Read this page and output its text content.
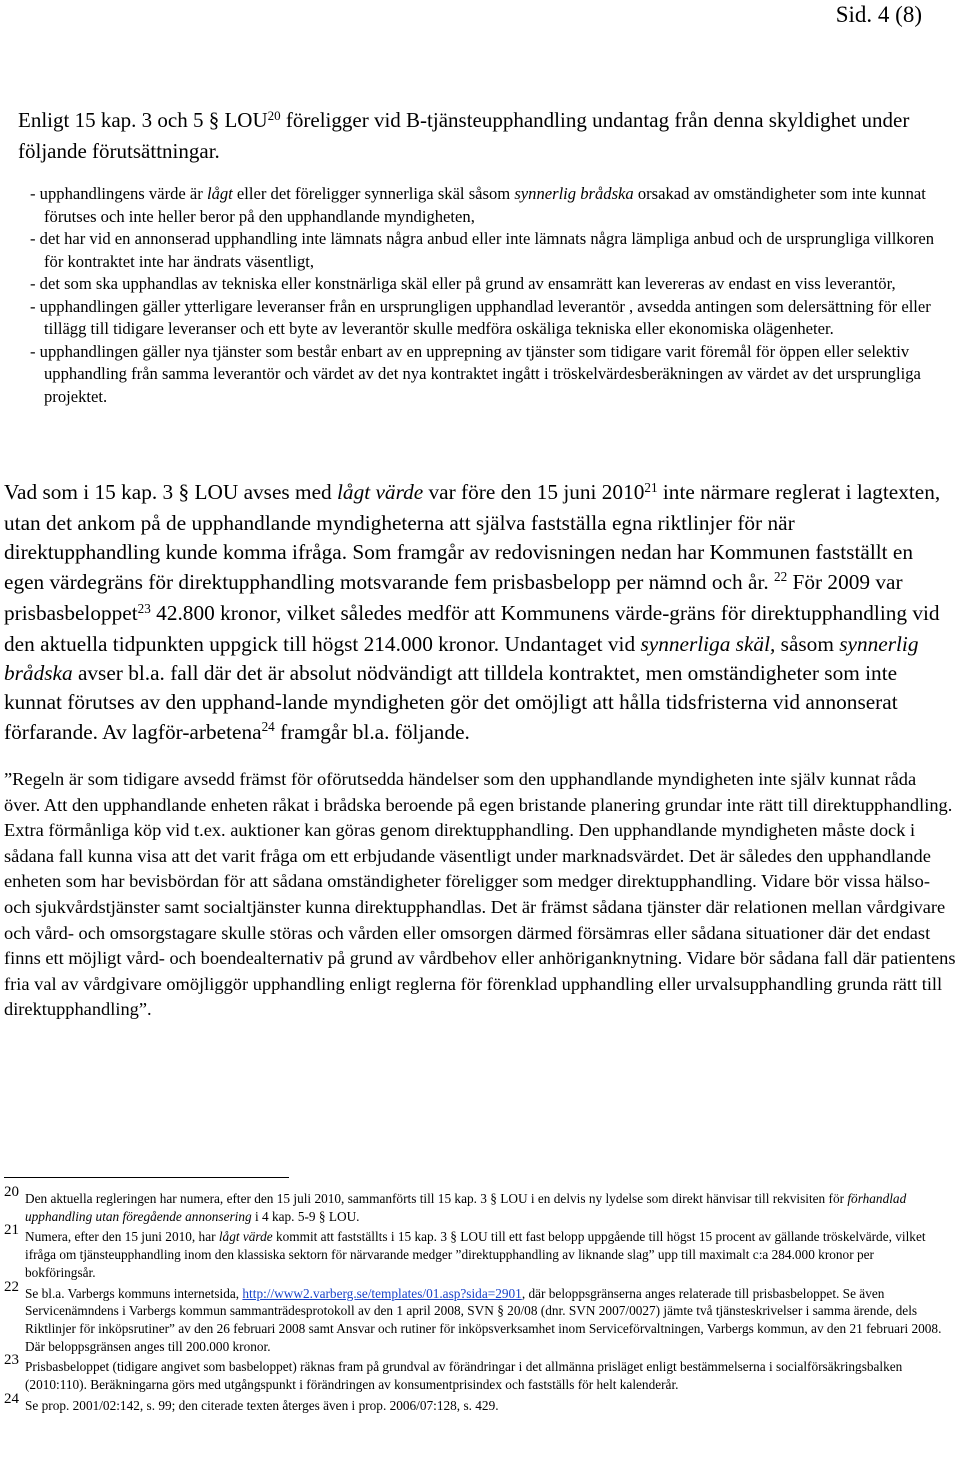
Sid. 4 (8)

Enligt 15 kap. 3 och 5 § LOU$^{20}$ föreligger vid B-tjänsteupphandling undantag från denna skyldighet under följande förutsättningar.

- upphandlingens värde är lågt eller det föreligger synnerliga skäl såsom synnerlig brådska orsakad av omständigheter som inte kunnat förutses och inte heller beror på den upphandlande myndigheten,
- det har vid en annonserad upphandling inte lämnats några anbud eller inte lämnats några lämpliga anbud och de ursprungliga villkoren för kontraktet inte har ändrats väsentligt,
- det som ska upphandlas av tekniska eller konstnärliga skäl eller på grund av ensamrätt kan levereras av endast en viss leverantör,
- upphandlingen gäller ytterligare leveranser från en ursprungligen upphandlad leverantör , avsedda antingen som delersättning för eller tillägg till tidigare leveranser och ett byte av leverantör skulle medföra oskäliga tekniska eller ekonomiska olägenheter.
- upphandlingen gäller nya tjänster som består enbart av en upprepning av tjänster som tidigare varit föremål för öppen eller selektiv upphandling från samma leverantör och värdet av det nya kontraktet ingått i tröskelvärdesberäkningen av värdet av det ursprungliga projektet.

Vad som i 15 kap. 3 § LOU avses med lågt värde var före den 15 juni 2010$^{21}$ inte närmare reglerat i lagtexten, utan det ankom på de upphandlande myndigheterna att själva fastställa egna riktlinjer för när direktupphandling kunde komma ifråga. Som framgår av redovisningen nedan har Kommunen fastställt en egen värdegräns för direktupphandling motsvarande fem prisbasbelopp per nämnd och år. $^{22}$ För 2009 var prisbasbeloppet$^{23}$ 42.800 kronor, vilket således medför att Kommunens värde-gräns för direktupphandling vid den aktuella tidpunkten uppgick till högst 214.000 kronor. Undantaget vid synnerliga skäl, såsom synnerlig brådska avser bl.a. fall där det är absolut nödvändigt att tilldela kontraktet, men omständigheter som inte kunnat förutses av den upphand-lande myndigheten gör det omöjligt att hålla tidsfristerna vid annonserat förfarande. Av lagför-arbetena$^{24}$ framgår bl.a. följande.

”Regeln är som tidigare avsedd främst för oförutsedda händelser som den upphandlande myndigheten inte själv kunnat råda över. Att den upphandlande enheten råkat i brådska beroende på egen bristande planering grundar inte rätt till direktupphandling. Extra förmånliga köp vid t.ex. auktioner kan göras genom direktupphandling. Den upphandlande myndigheten måste dock i sådana fall kunna visa att det varit fråga om ett erbjudande väsentligt under marknadsvärdet. Det är således den upphandlande enheten som har bevisbördan för att sådana omständigheter föreligger som medger direktupphandling. Vidare bör vissa hälso- och sjukvårdstjänster samt socialtjänster kunna direktupphandlas. Det är främst sådana tjänster där relationen mellan vårdgivare och vård- och omsorgstagare skulle störas och vården eller omsorgen därmed försämras eller sådana situationer där det endast finns ett möjligt vård- och boendealternativ på grund av vårdbehov eller anhöriganknytning. Vidare bör sådana fall där patientens fria val av vårdgivare omöjliggör upphandling enligt reglerna för förenklad upphandling eller urvalsupphandling grunda rätt till direktupphandling”.

20 Den aktuella regleringen har numera, efter den 15 juli 2010, sammanförts till 15 kap. 3 § LOU i en delvis ny lydelse som direkt hänvisar till rekvisiten för förhandlad upphandling utan föregående annonsering i 4 kap. 5-9 § LOU.

21 Numera, efter den 15 juni 2010, har lågt värde kommit att fastställts i 15 kap. 3 § LOU till ett fast belopp uppgående till högst 15 procent av gällande tröskelvärde, vilket ifråga om tjänsteupphandling inom den klassiska sektorn för närvarande medger ”direktupphandling av liknande slag” upp till maximalt c:a 284.000 kronor per bokföringsår.

22 Se bl.a. Varbergs kommuns internetsida, http://www2.varberg.se/templates/01.asp?sida=2901, där beloppsgränserna anges relaterade till prisbasbeloppet. Se även Servicenämndens i Varbergs kommun sammanträdesprotokoll av den 1 april 2008, SVN § 20/08 (dnr. SVN 2007/0027) jämte två tjänsteskrivelser i samma ärende, dels Riktlinjer för inköpsrutiner” av den 26 februari 2008 samt Ansvar och rutiner för inköpsverksamhet inom Serviceförvaltningen, Varbergs kommun, av den 21 februari 2008. Där beloppsgränsen anges till 200.000 kronor.

23 Prisbasbeloppet (tidigare angivet som basbeloppet) räknas fram på grundval av förändringar i det allmänna prisläget enligt bestämmelserna i socialförsäkringsbalken (2010:110). Beräkningarna görs med utgångspunkt i förändringen av konsumentprisindex och fastställs för helt kalenderår.

24 Se prop. 2001/02:142, s. 99; den citerade texten återges även i prop. 2006/07:128, s. 429.
